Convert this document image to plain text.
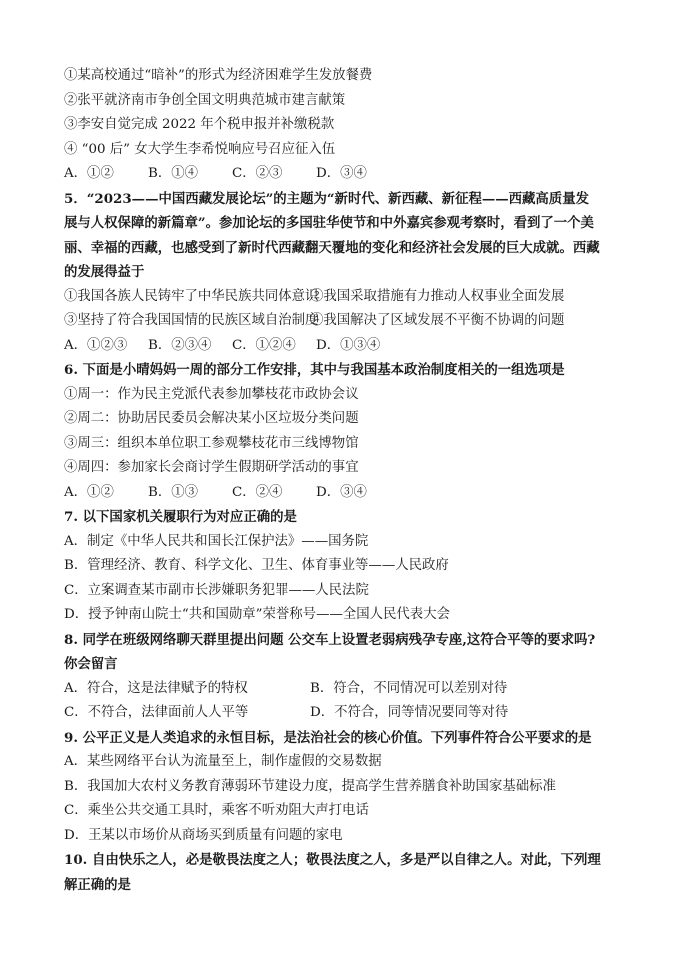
①某高校通过“暗补”的形式为经济困难学生发放餐费
②张平就济南市争创全国文明典范城市建言献策
③李安自觉完成 2022 年个税申报并补缴税款
④ “00 后” 女大学生李希悦响应号召应征入伍
A．①②	B．①④	C．②③	D．③④
5．“2023——中国西藏发展论坛”的主题为“新时代、新西藏、新征程——西藏高质量发
展与人权保障的新篇章”。参加论坛的多国驻华使节和中外嘉宾参观考察时，看到了一个美
丽、幸福的西藏，也感受到了新时代西藏翻天覆地的变化和经济社会发展的巨大成就。西藏
的发展得益于
①我国各族人民铸牢了中华民族共同体意识
②我国采取措施有力推动人权事业全面发展
③坚持了符合我国国情的民族区域自治制度
④我国解决了区域发展不平衡不协调的问题
A．①②③ B．②③④ C．①②④ D．①③④
6. 下面是小晴妈妈一周的部分工作安排，其中与我国基本政治制度相关的一组选项是
①周一：作为民主党派代表参加攀枝花市政协会议
②周二：协助居民委员会解决某小区垃圾分类问题
③周三：组织本单位职工参观攀枝花市三线博物馆
④周四：参加家长会商讨学生假期研学活动的事宜
A．①②	B．①③	C．②④	D．③④
7. 以下国家机关履职行为对应正确的是
A．制定《中华人民共和国长江保护法》——国务院
B．管理经济、教育、科学文化、卫生、体育事业等——人民政府
C．立案调查某市副市长涉嫌职务犯罪——人民法院
D．授予钟南山院士“共和国勋章”荣誉称号——全国人民代表大会
8. 同学在班级网络聊天群里提出问题 公交车上设置老弱病残孕专座,这符合平等的要求吗?
你会留言
A．符合，这是法律赋予的特权	B．符合，不同情况可以差别对待
C．不符合，法律面前人人平等	D．不符合，同等情况要同等对待
9. 公平正义是人类追求的永恒目标，是法治社会的核心价值。下列事件符合公平要求的是
A．某些网络平台认为流量至上，制作虚假的交易数据
B．我国加大农村义务教育薄弱环节建设力度，提高学生营养膳食补助国家基础标准
C．乘坐公共交通工具时，乘客不听劝阻大声打电话
D．王某以市场价从商场买到质量有问题的家电
10. 自由快乐之人，必是敬畏法度之人；敬畏法度之人，多是严以自律之人。对此，下列理
解正确的是
